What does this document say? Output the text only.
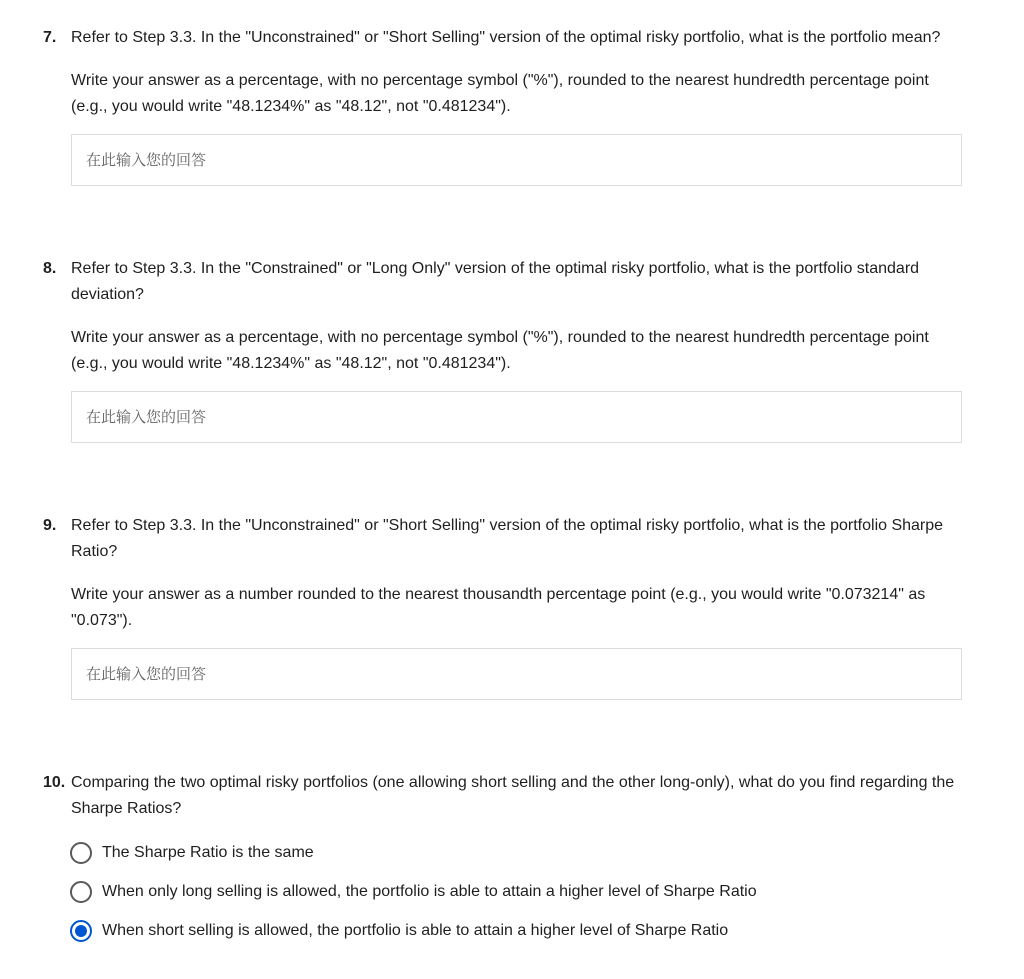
7. Refer to Step 3.3. In the "Unconstrained" or "Short Selling" version of the optimal risky portfolio, what is the portfolio mean?
Write your answer as a percentage, with no percentage symbol ("%"), rounded to the nearest hundredth percentage point (e.g., you would write "48.1234%" as "48.12", not "0.481234").
在此输入您的回答
8. Refer to Step 3.3. In the "Constrained" or "Long Only" version of the optimal risky portfolio, what is the portfolio standard deviation?
Write your answer as a percentage, with no percentage symbol ("%"), rounded to the nearest hundredth percentage point (e.g., you would write "48.1234%" as "48.12", not "0.481234").
在此输入您的回答
9. Refer to Step 3.3. In the "Unconstrained" or "Short Selling" version of the optimal risky portfolio, what is the portfolio Sharpe Ratio?
Write your answer as a number rounded to the nearest thousandth percentage point (e.g., you would write "0.073214" as "0.073").
在此输入您的回答
10. Comparing the two optimal risky portfolios (one allowing short selling and the other long-only), what do you find regarding the Sharpe Ratios?
The Sharpe Ratio is the same
When only long selling is allowed, the portfolio is able to attain a higher level of Sharpe Ratio
When short selling is allowed, the portfolio is able to attain a higher level of Sharpe Ratio
